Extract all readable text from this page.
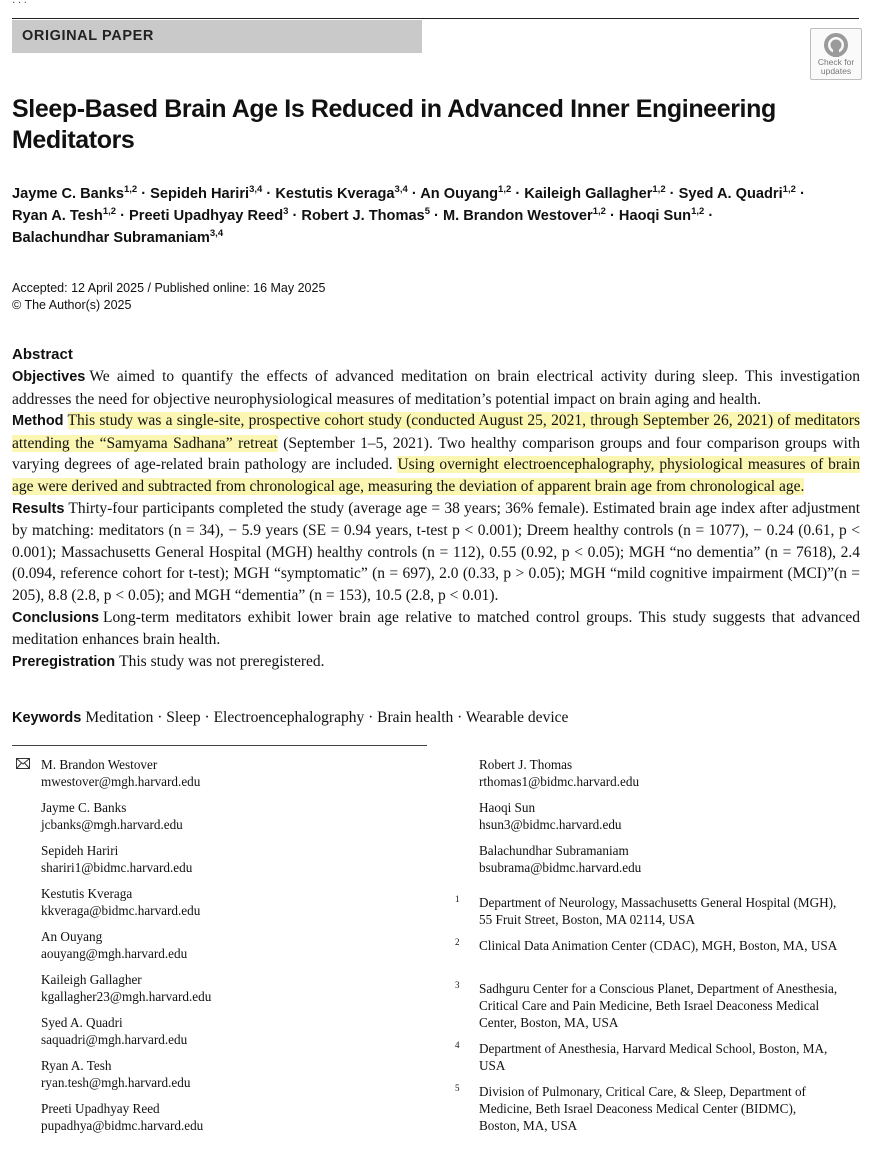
· · ·
ORIGINAL PAPER
Check for
updates
Sleep-Based Brain Age Is Reduced in Advanced Inner Engineering Meditators
Jayme C. Banks$^{1,2}$ · Sepideh Hariri$^{3,4}$ · Kestutis Kveraga$^{3,4}$ · An Ouyang$^{1,2}$ · Kaileigh Gallagher$^{1,2}$ · Syed A. Quadri$^{1,2}$ · Ryan A. Tesh$^{1,2}$ · Preeti Upadhyay Reed$^3$ · Robert J. Thomas$^5$ · M. Brandon Westover$^{1,2}$ · Haoqi Sun$^{1,2}$ · Balachundhar Subramaniam$^{3,4}$
Accepted: 12 April 2025 / Published online: 16 May 2025
© The Author(s) 2025
Abstract

Objectives We aimed to quantify the effects of advanced meditation on brain electrical activity during sleep. This investigation addresses the need for objective neurophysiological measures of meditation’s potential impact on brain aging and health.

Method This study was a single-site, prospective cohort study (conducted August 25, 2021, through September 26, 2021) of meditators attending the “Samyama Sadhana” retreat (September 1–5, 2021). Two healthy comparison groups and four comparison groups with varying degrees of age-related brain pathology are included. Using overnight electroencephalography, physiological measures of brain age were derived and subtracted from chronological age, measuring the deviation of apparent brain age from chronological age.

Results Thirty-four participants completed the study (average age = 38 years; 36% female). Estimated brain age index after adjustment by matching: meditators (n = 34), − 5.9 years (SE = 0.94 years, t-test p < 0.001); Dreem healthy controls (n = 1077), − 0.24 (0.61, p < 0.001); Massachusetts General Hospital (MGH) healthy controls (n = 112), 0.55 (0.92, p < 0.05); MGH “no dementia” (n = 7618), 2.4 (0.094, reference cohort for t-test); MGH “symptomatic” (n = 697), 2.0 (0.33, p > 0.05); MGH “mild cognitive impairment (MCI)”(n = 205), 8.8 (2.8, p < 0.05); and MGH “dementia” (n = 153), 10.5 (2.8, p < 0.01).

Conclusions Long-term meditators exhibit lower brain age relative to matched control groups. This study suggests that advanced meditation enhances brain health.

Preregistration This study was not preregistered.

Keywords Meditation · Sleep · Electroencephalography · Brain health · Wearable device
M. Brandon Westover
mwestover@mgh.harvard.edu
Jayme C. Banks
jcbanks@mgh.harvard.edu
Sepideh Hariri
shariri1@bidmc.harvard.edu
Kestutis Kveraga
kkveraga@bidmc.harvard.edu
An Ouyang
aouyang@mgh.harvard.edu
Kaileigh Gallagher
kgallagher23@mgh.harvard.edu
Syed A. Quadri
saquadri@mgh.harvard.edu
Ryan A. Tesh
ryan.tesh@mgh.harvard.edu
Preeti Upadhyay Reed
pupadhya@bidmc.harvard.edu
Robert J. Thomas
rthomas1@bidmc.harvard.edu
Haoqi Sun
hsun3@bidmc.harvard.edu
Balachundhar Subramaniam
bsubrama@bidmc.harvard.edu
1 Department of Neurology, Massachusetts General Hospital (MGH), 55 Fruit Street, Boston, MA 02114, USA
2 Clinical Data Animation Center (CDAC), MGH, Boston, MA, USA
3 Sadhguru Center for a Conscious Planet, Department of Anesthesia, Critical Care and Pain Medicine, Beth Israel Deaconess Medical Center, Boston, MA, USA
4 Department of Anesthesia, Harvard Medical School, Boston, MA, USA
5 Division of Pulmonary, Critical Care, & Sleep, Department of Medicine, Beth Israel Deaconess Medical Center (BIDMC), Boston, MA, USA
